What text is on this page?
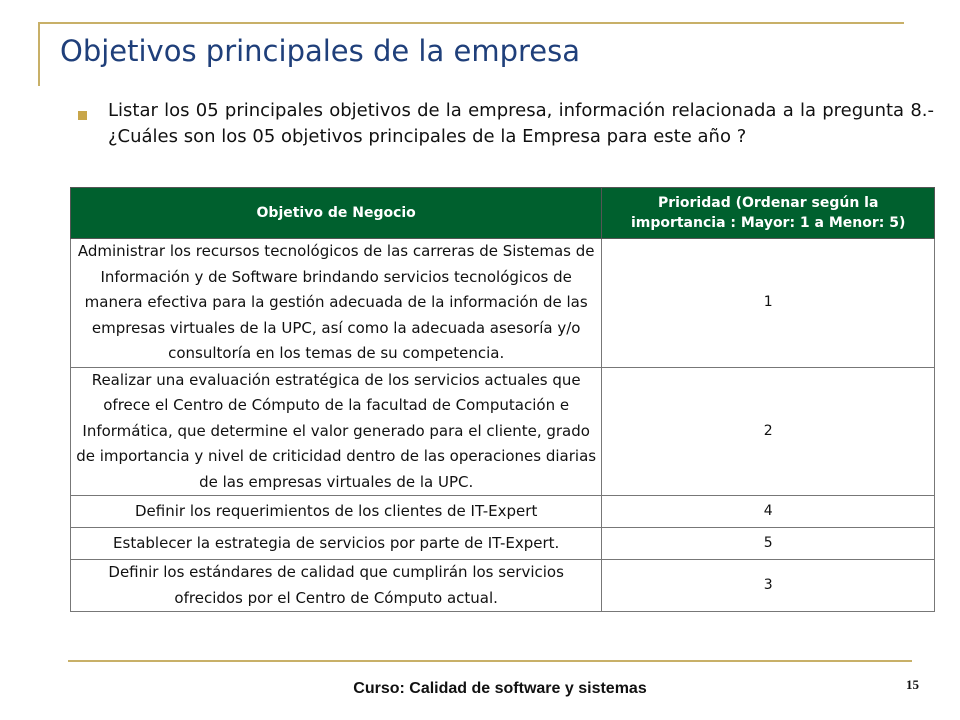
Objetivos principales de la empresa
Listar los 05 principales objetivos de la empresa, información relacionada a la pregunta 8.- ¿Cuáles son los 05 objetivos principales de la Empresa para este año ?
Objetivo de Negocio	Prioridad (Ordenar según la importancia : Mayor: 1 a Menor: 5)
Administrar los recursos tecnológicos de las carreras de Sistemas de Información y de Software brindando servicios tecnológicos de manera efectiva para la gestión adecuada de la información de las empresas virtuales de la UPC, así como la adecuada asesoría y/o consultoría en los temas de su competencia.	1
Realizar una evaluación estratégica de los servicios actuales que ofrece el Centro de Cómputo de la facultad de Computación e Informática, que determine el valor generado para el cliente, grado de importancia y nivel de criticidad dentro de las operaciones diarias de las empresas virtuales de la UPC.	2
Definir los requerimientos de los clientes de IT-Expert	4
Establecer la estrategia de servicios por parte de IT-Expert.	5
Definir los estándares de calidad que cumplirán los servicios ofrecidos por el Centro de Cómputo actual.	3
Curso: Calidad de software y sistemas	15
